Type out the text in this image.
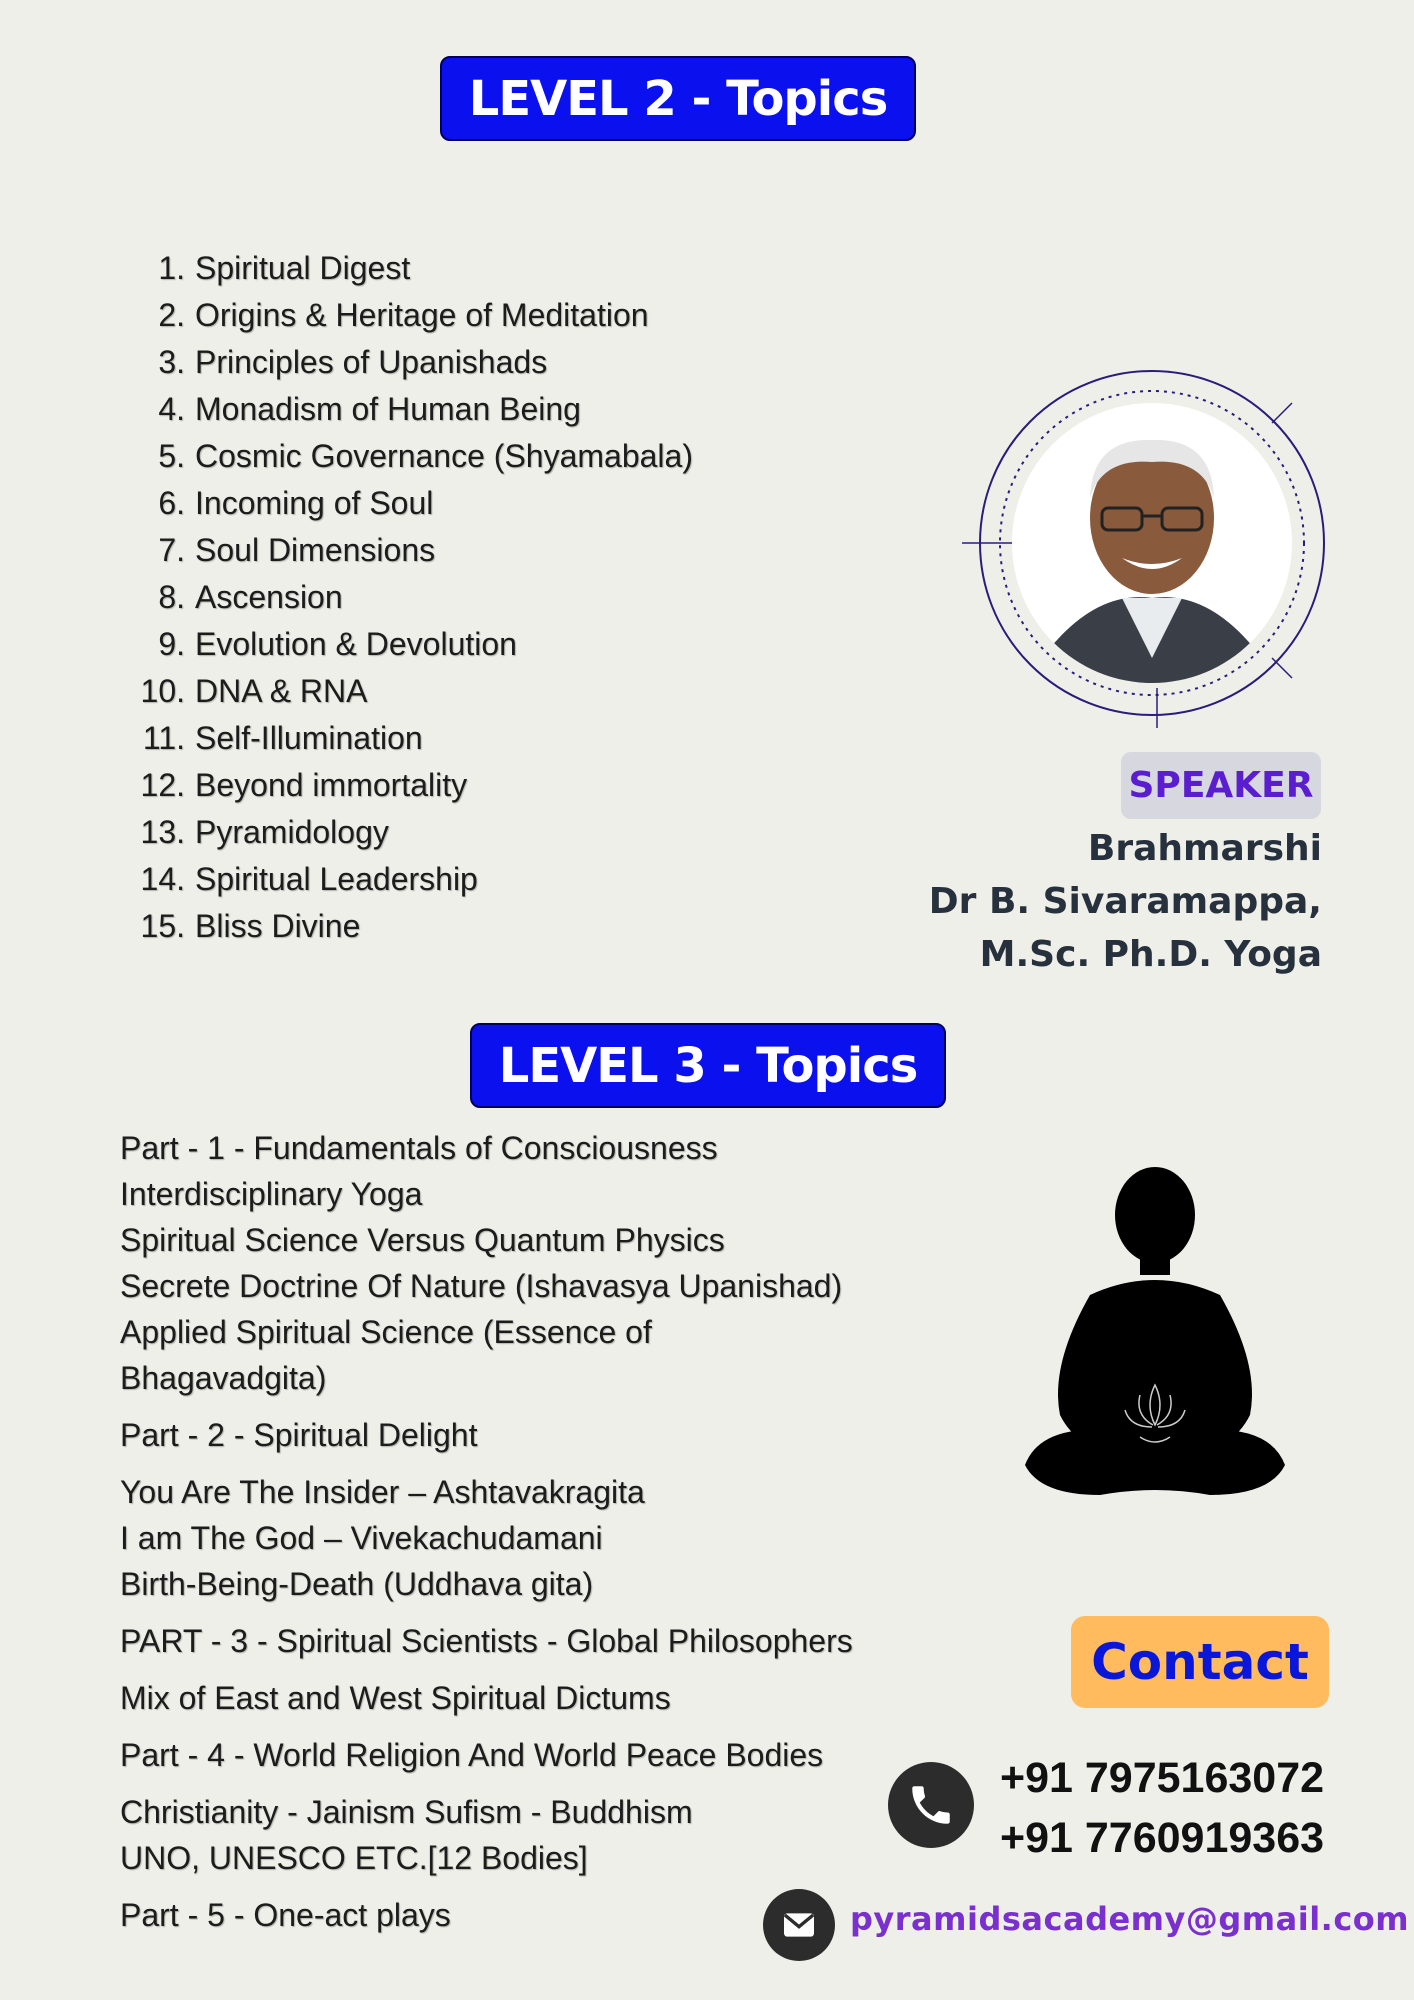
LEVEL 2 - Topics
1. Spiritual Digest
2. Origins & Heritage of Meditation
3. Principles of Upanishads
4. Monadism of Human Being
5. Cosmic Governance (Shyamabala)
6. Incoming of Soul
7. Soul Dimensions
8. Ascension
9. Evolution & Devolution
10. DNA & RNA
11. Self-Illumination
12. Beyond immortality
13. Pyramidology
14. Spiritual Leadership
15. Bliss Divine
SPEAKER
Brahmarshi
Dr B. Sivaramappa,
M.Sc. Ph.D. Yoga
LEVEL 3 - Topics
Part - 1 - Fundamentals of Consciousness
Interdisciplinary Yoga
Spiritual Science Versus Quantum Physics
Secrete Doctrine Of Nature (Ishavasya Upanishad)
Applied Spiritual Science (Essence of
Bhagavadgita)
Part - 2 - Spiritual Delight
You Are The Insider – Ashtavakragita
I am The God – Vivekachudamani
Birth-Being-Death (Uddhava gita)
PART - 3 - Spiritual Scientists - Global Philosophers
Mix of East and West Spiritual Dictums
Part - 4 - World Religion And World Peace Bodies
Christianity - Jainism Sufism - Buddhism
UNO, UNESCO ETC.[12 Bodies]
Part - 5 - One-act plays
Contact
+91 7975163072
+91 7760919363
pyramidsacademy@gmail.com
